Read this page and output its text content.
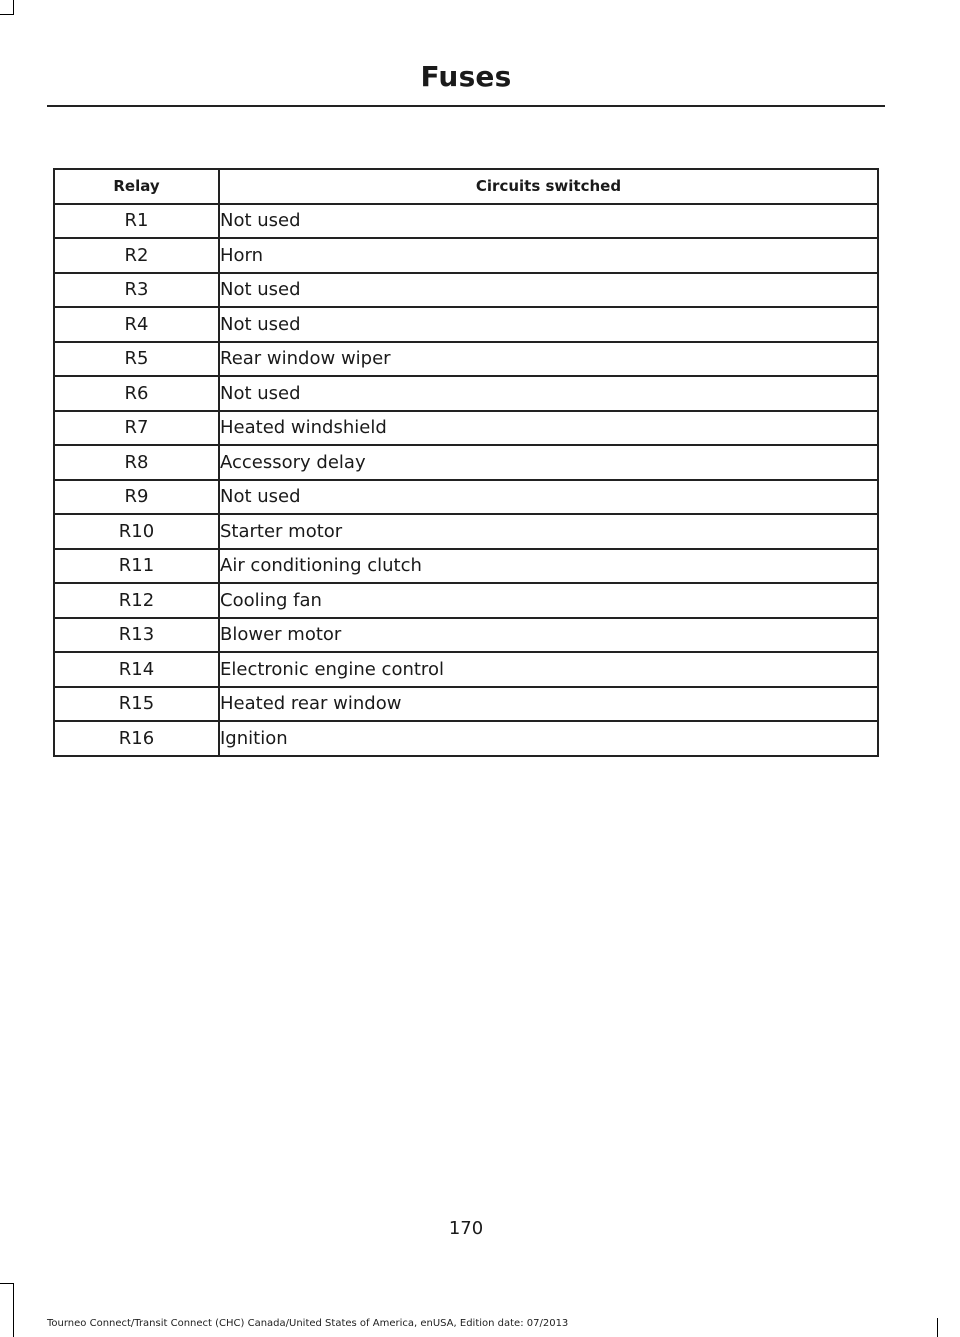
Fuses
Relay	Circuits switched
R1	Not used
R2	Horn
R3	Not used
R4	Not used
R5	Rear window wiper
R6	Not used
R7	Heated windshield
R8	Accessory delay
R9	Not used
R10	Starter motor
R11	Air conditioning clutch
R12	Cooling fan
R13	Blower motor
R14	Electronic engine control
R15	Heated rear window
R16	Ignition
170
Tourneo Connect/Transit Connect (CHC) Canada/United States of America, enUSA, Edition date: 07/2013
